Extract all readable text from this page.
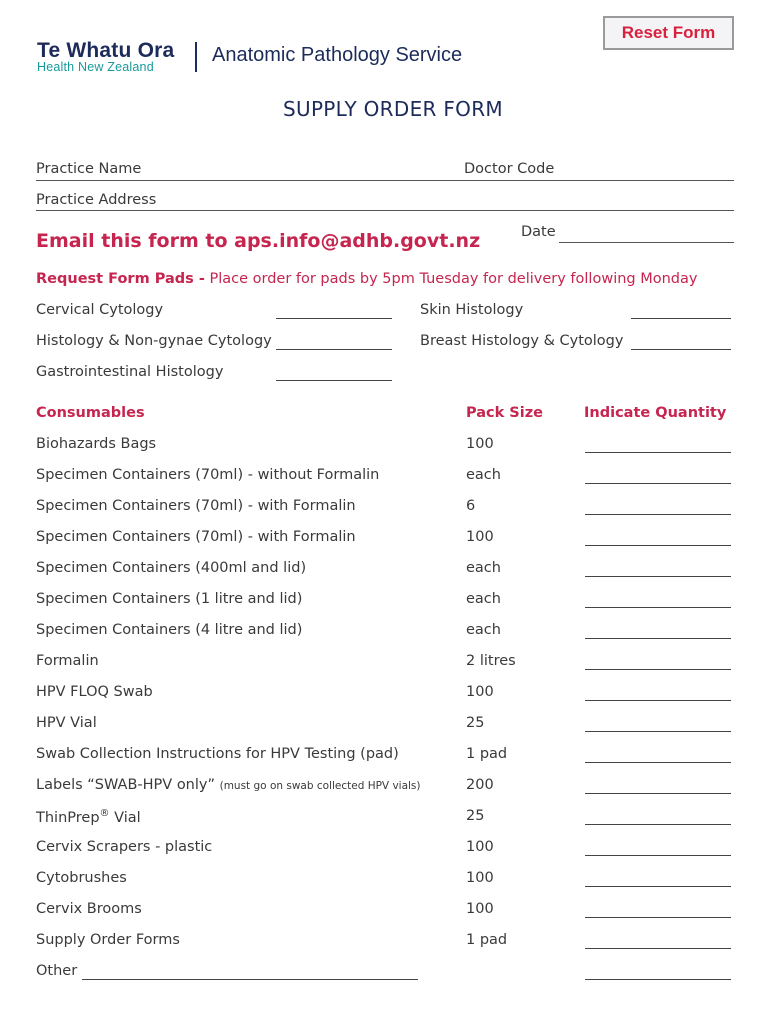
Reset Form
Te Whatu Ora
Health New Zealand
Anatomic Pathology Service
SUPPLY ORDER FORM
Practice Name	Doctor Code
Practice Address
Date
Email this form to aps.info@adhb.govt.nz
Request Form Pads - Place order for pads by 5pm Tuesday for delivery following Monday
Cervical Cytology	Skin Histology
Histology & Non-gynae Cytology	Breast Histology & Cytology
Gastrointestinal Histology
Consumables	Pack Size	Indicate Quantity
Biohazards Bags	100
Specimen Containers (70ml) - without Formalin	each
Specimen Containers (70ml) - with Formalin	6
Specimen Containers (70ml) - with Formalin	100
Specimen Containers (400ml and lid)	each
Specimen Containers (1 litre and lid)	each
Specimen Containers (4 litre and lid)	each
Formalin	2 litres
HPV FLOQ Swab	100
HPV Vial	25
Swab Collection Instructions for HPV Testing (pad)	1 pad
Labels “SWAB-HPV only” (must go on swab collected HPV vials)	200
ThinPrep® Vial	25
Cervix Scrapers - plastic	100
Cytobrushes	100
Cervix Brooms	100
Supply Order Forms	1 pad
Other
